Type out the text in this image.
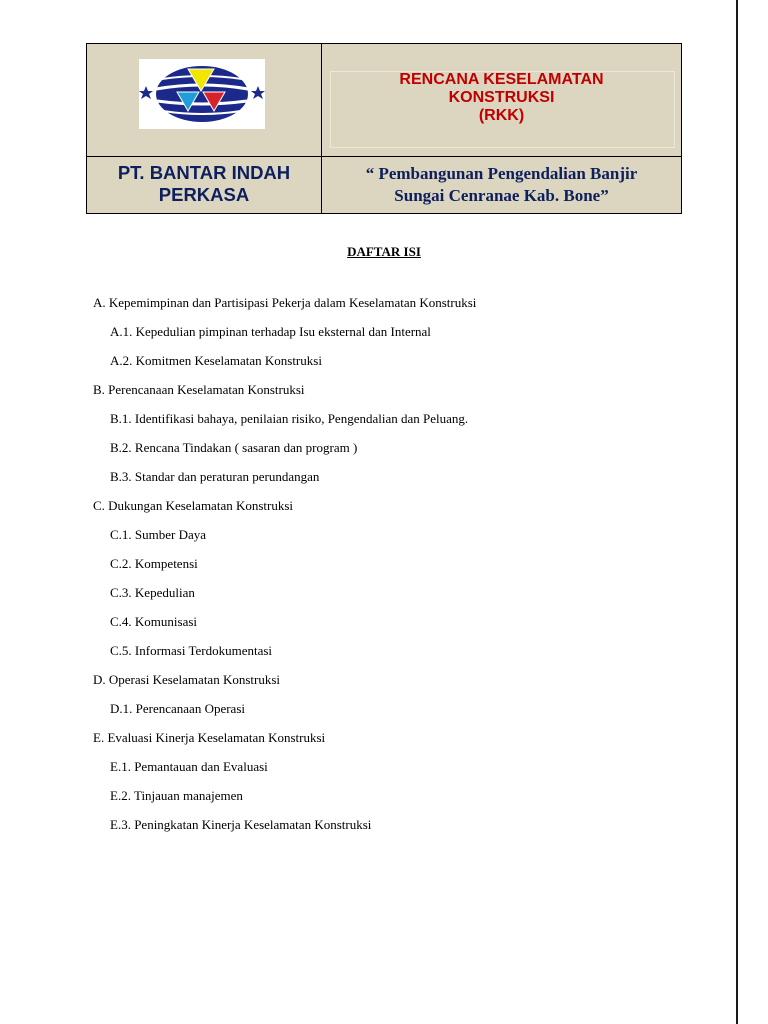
RENCANA KESELAMATAN
KONSTRUKSI
(RKK)
PT. BANTAR INDAH
PERKASA
“ Pembangunan Pengendalian Banjir
Sungai Cenranae Kab. Bone”
DAFTAR ISI
A. Kepemimpinan dan Partisipasi Pekerja dalam Keselamatan Konstruksi
A.1. Kepedulian pimpinan terhadap Isu eksternal dan Internal
A.2. Komitmen Keselamatan Konstruksi
B. Perencanaan Keselamatan Konstruksi
B.1. Identifikasi bahaya, penilaian risiko, Pengendalian dan Peluang.
B.2. Rencana Tindakan ( sasaran dan program )
B.3. Standar dan peraturan perundangan
C. Dukungan Keselamatan Konstruksi
C.1. Sumber Daya
C.2. Kompetensi
C.3. Kepedulian
C.4. Komunisasi
C.5. Informasi Terdokumentasi
D. Operasi Keselamatan Konstruksi
D.1. Perencanaan Operasi
E. Evaluasi Kinerja Keselamatan Konstruksi
E.1. Pemantauan dan Evaluasi
E.2. Tinjauan manajemen
E.3. Peningkatan Kinerja Keselamatan Konstruksi
